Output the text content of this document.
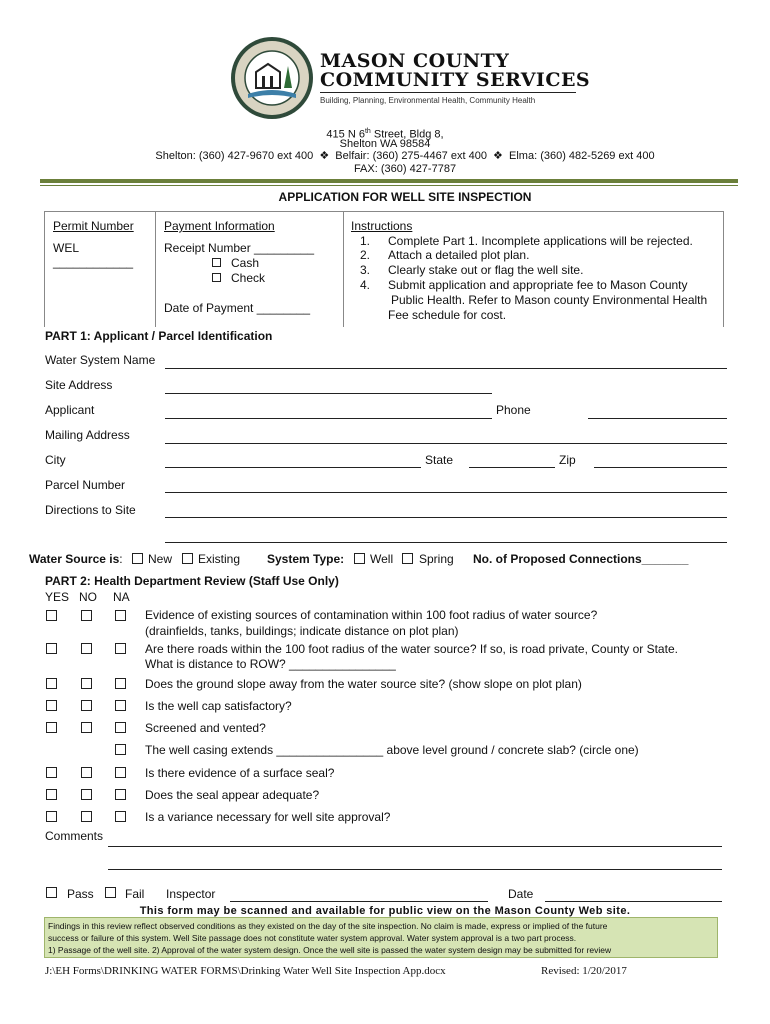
MASON COUNTY
COMMUNITY SERVICES
Building, Planning, Environmental Health, Community Health
415 N 6th Street, Bldg 8,
Shelton WA 98584
Shelton: (360) 427-9670 ext 400  ❖  Belfair: (360) 275-4467 ext 400  ❖  Elma: (360) 482-5269 ext 400
FAX: (360) 427-7787
APPLICATION FOR WELL SITE INSPECTION
Permit Number
WEL
____________
Payment Information
Receipt Number _________
Cash
Check
Date of Payment ________
Instructions
1. Complete Part 1. Incomplete applications will be rejected.
2. Attach a detailed plot plan.
3. Clearly stake out or flag the well site.
4. Submit application and appropriate fee to Mason County
Public Health. Refer to Mason county Environmental Health
Fee schedule for cost.
PART 1: Applicant / Parcel Identification
Water System Name
Site Address
Applicant	Phone
Mailing Address
City	State	Zip
Parcel Number
Directions to Site
Water Source is: New Existing System Type: Well Spring No. of Proposed Connections_______
PART 2: Health Department Review (Staff Use Only)
YES NO NA
Evidence of existing sources of contamination within 100 foot radius of water source?
(drainfields, tanks, buildings; indicate distance on plot plan)
Are there roads within the 100 foot radius of the water source? If so, is road private, County or State.
What is distance to ROW? ________________
Does the ground slope away from the water source site? (show slope on plot plan)
Is the well cap satisfactory?
Screened and vented?
The well casing extends ________________ above level ground / concrete slab? (circle one)
Is there evidence of a surface seal?
Does the seal appear adequate?
Is a variance necessary for well site approval?
Comments
Pass	Fail Inspector	Date
This form may be scanned and available for public view on the Mason County Web site.
Findings in this review reflect observed conditions as they existed on the day of the site inspection. No claim is made, express or implied of the future
success or failure of this system. Well Site passage does not constitute water system approval. Water system approval is a two part process.
1) Passage of the well site. 2) Approval of the water system design. Once the well site is passed the water system design may be submitted for review
J:\EH Forms\DRINKING WATER FORMS\Drinking Water Well Site Inspection App.docx	Revised: 1/20/2017
